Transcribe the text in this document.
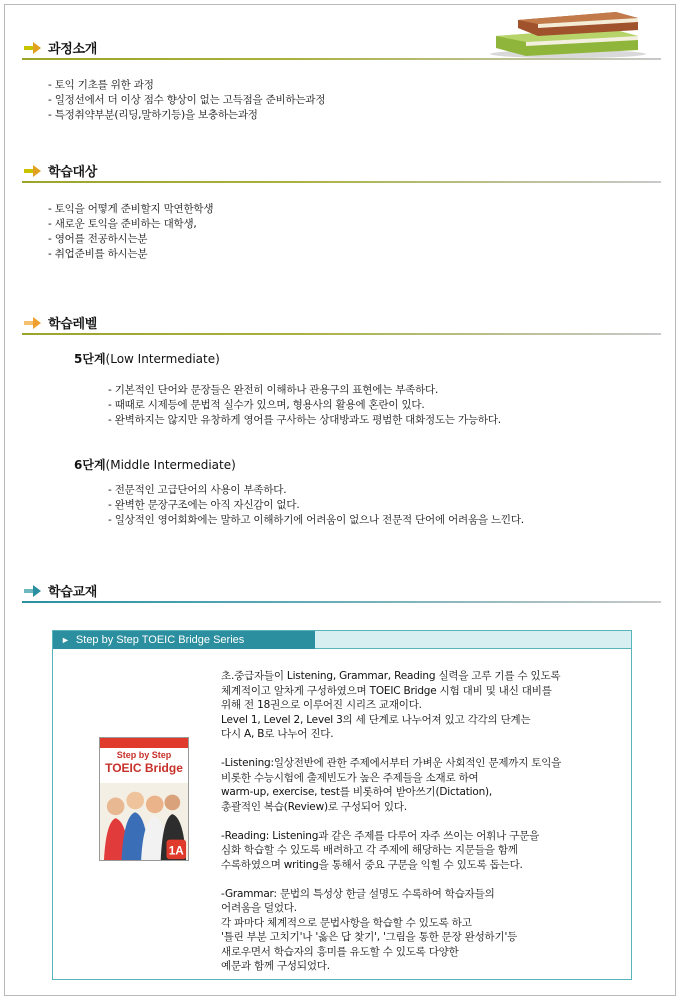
과정소개
- 토익 기초를 위한 과정
- 일정선에서 더 이상 점수 향상이 없는 고득점을 준비하는과정
- 특정취약부분(리딩,말하기등)을 보충하는과정
학습대상
- 토익을 어떻게 준비할지 막연한학생
- 새로운 토익을 준비하는 대학생,
- 영어를 전공하시는분
- 취업준비를 하시는분
학습레벨
5단계(Low Intermediate)
- 기본적인 단어와 문장들은 완전히 이해하나 관용구의 표현에는 부족하다.
- 때때로 시제등에 문법적 실수가 있으며, 형용사의 활용에 혼란이 있다.
- 완벽하지는 않지만 유창하게 영어를 구사하는 상대방과도 평범한 대화정도는 가능하다.
6단계(Middle Intermediate)
- 전문적인 고급단어의 사용이 부족하다.
- 완벽한 문장구조에는 아직 자신감이 없다.
- 일상적인 영어회화에는 말하고 이해하기에 어려움이 없으나 전문적 단어에 어려움을 느낀다.
학습교재
► Step by Step TOEIC Bridge Series
Step by Step
TOEIC Bridge
1A

초.중급자들이 Listening, Grammar, Reading 실력을 고루 기를 수 있도록
체계적이고 알차게 구성하였으며 TOEIC Bridge 시험 대비 및 내신 대비를
위해 전 18권으로 이루어진 시리즈 교재이다.
Level 1, Level 2, Level 3의 세 단계로 나누어져 있고 각각의 단계는
다시 A, B로 나누어 진다.

-Listening:일상전반에 관한 주제에서부터 가벼운 사회적인 문제까지 토익을
비롯한 수능시험에 출제빈도가 높은 주제들을 소재로 하여
warm-up, exercise, test를 비롯하여 받아쓰기(Dictation),
총괄적인 복습(Review)로 구성되어 있다.

-Reading: Listening과 같은 주제를 다루어 자주 쓰이는 어휘나 구문을
심화 학습할 수 있도록 배려하고 각 주제에 해당하는 지문들을 함께
수록하였으며 writing을 통해서 중요 구문을 익힐 수 있도록 돕는다.

-Grammar: 문법의 특성상 한글 설명도 수록하여 학습자들의
어려움을 덜었다.
각 파마다 체계적으로 문법사항을 학습할 수 있도록 하고
'틀린 부분 고치기'나 '옳은 답 찾기', '그림을 통한 문장 완성하기'등
새로우면서 학습자의 흥미를 유도할 수 있도록 다양한
예문과 함께 구성되었다.
